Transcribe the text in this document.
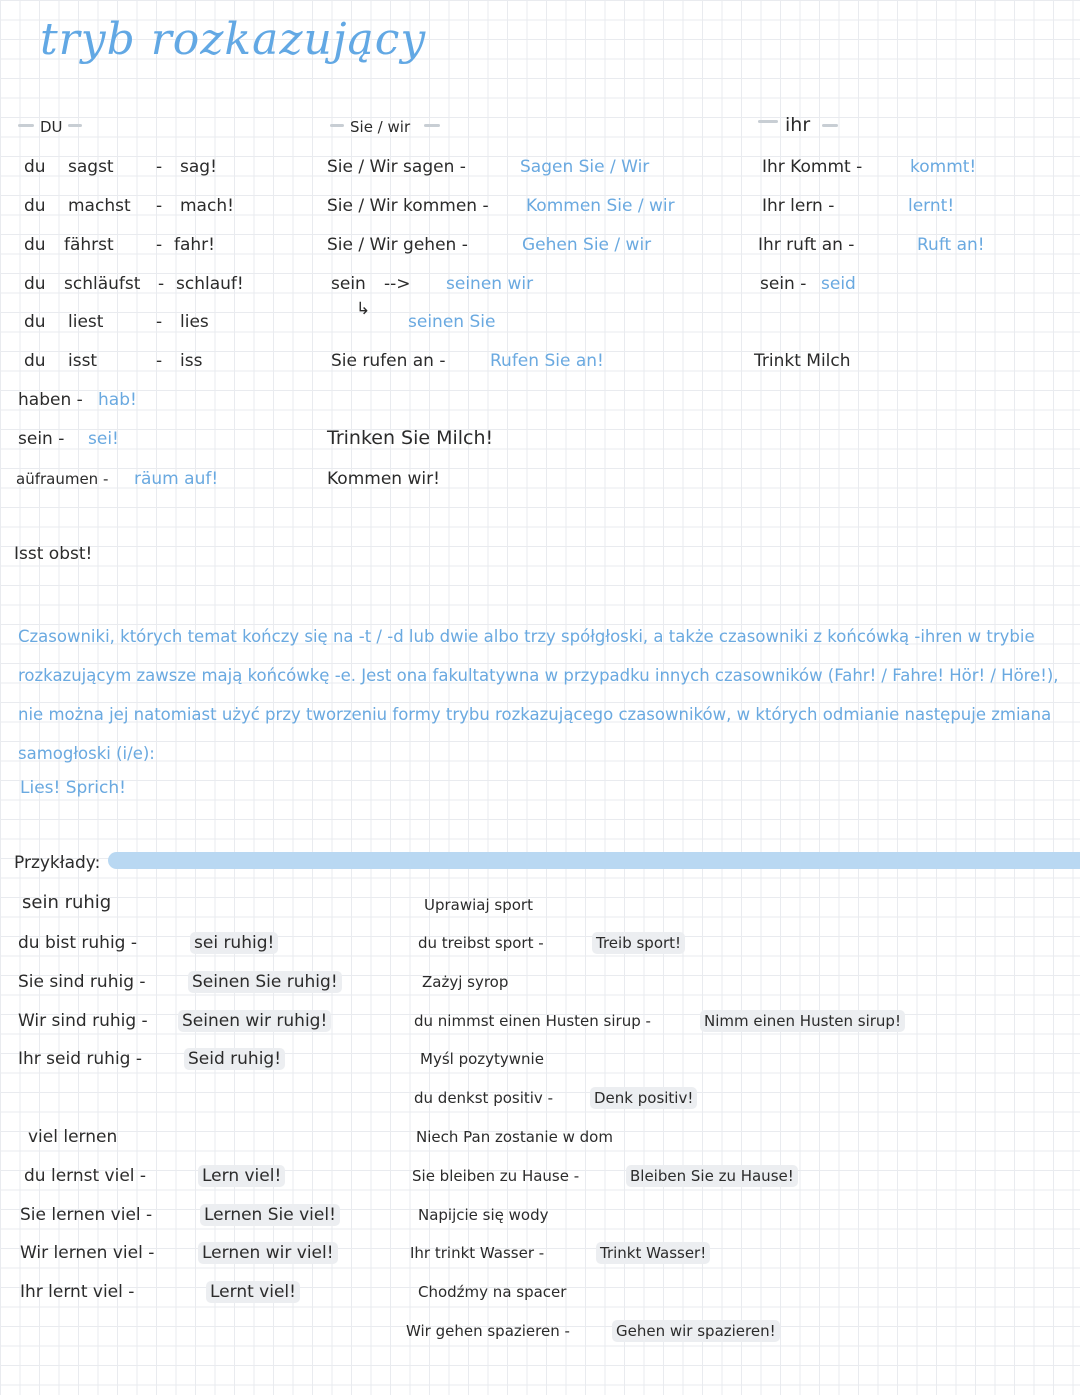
tryb rozkazujący
DU	Sie / wir	ihr
du sagst - sag!
du machst - mach!
du fährst - fahr!
du schläufst - schlauf!
du liest	- lies
du isst	- iss
haben - hab!
sein - sei!
aüfraumen - räum auf!
Isst obst!
Sie / Wir sagen -	Sagen Sie / Wir
Sie / Wir kommen - Kommen Sie / wir
Sie / Wir gehen -	Gehen Sie / wir
sein --> seinen wir
↳
seinen Sie
Sie rufen an -	Rufen Sie an!
Trinken Sie Milch!
Kommen wir!
Ihr Kommt -	kommt!
Ihr lern -	lernt!
Ihr ruft an -	Ruft an!
sein - seid
Trinkt Milch

Czasowniki, których temat kończy się na -t / -d lub dwie albo trzy spółgłoski, a także czasowniki z końcówką -ihren w trybie rozkazującym zawsze mają końcówkę -e. Jest ona fakultatywna w przypadku innych czasowników (Fahr! / Fahre! Hör! / Höre!), nie można jej natomiast użyć przy tworzeniu formy trybu rozkazującego czasowników, w których odmianie następuje zmiana samogłoski (i/e):

Lies! Sprich!
Przykłady:
sein ruhig
du bist ruhig -	sei ruhig!
Sie sind ruhig -	Seinen Sie ruhig!
Wir sind ruhig - Seinen wir ruhig!
Ihr seid ruhig -	Seid ruhig!
viel lernen
du lernst viel -	Lern viel!
Sie lernen viel -	Lernen Sie viel!
Wir lernen viel -	Lernen wir viel!
Ihr lernt viel -	Lernt viel!
Uprawiaj sport
du treibst sport -	Treib sport!
Zażyj syrop
du nimmst einen Husten sirup -	Nimm einen Husten sirup!
Myśl pozytywnie
du denkst positiv -	Denk positiv!
Niech Pan zostanie w dom
Sie bleiben zu Hause -	Bleiben Sie zu Hause!
Napijcie się wody
Ihr trinkt Wasser -	Trinkt Wasser!
Chodźmy na spacer
Wir gehen spazieren -	Gehen wir spazieren!
